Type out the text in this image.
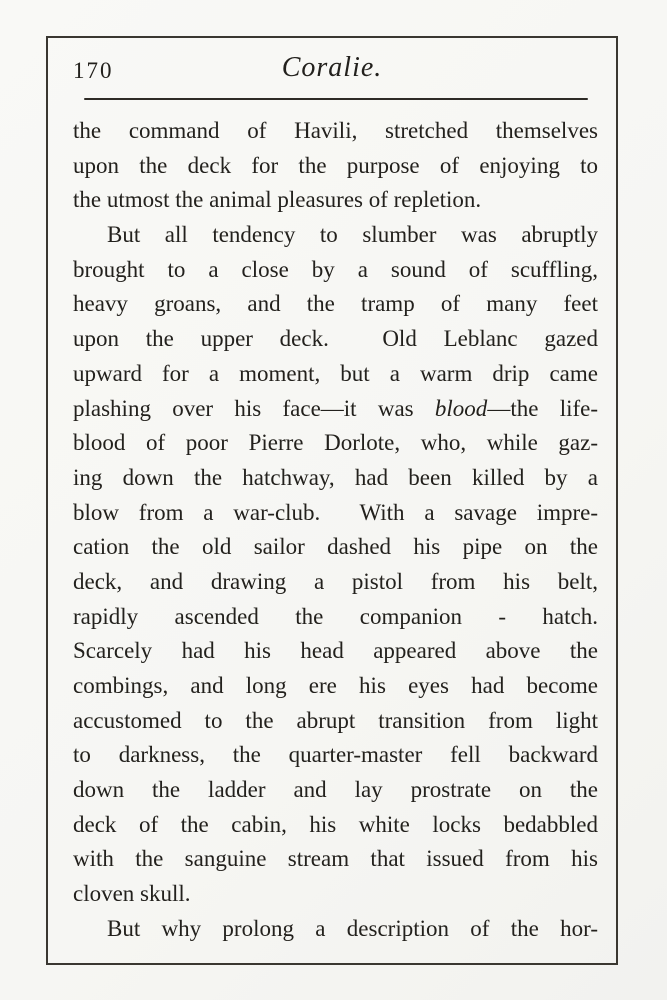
170	Coralie.
the command of Havili, stretched themselves
upon the deck for the purpose of enjoying to
the utmost the animal pleasures of repletion.
But all tendency to slumber was abruptly
brought to a close by a sound of scuffling,
heavy groans, and the tramp of many feet
upon the upper deck.  Old Leblanc gazed
upward for a moment, but a warm drip came
plashing over his face—it was blood—the life-
blood of poor Pierre Dorlote, who, while gaz-
ing down the hatchway, had been killed by a
blow from a war-club.  With a savage impre-
cation the old sailor dashed his pipe on the
deck, and drawing a pistol from his belt,
rapidly ascended the companion - hatch.
Scarcely had his head appeared above the
combings, and long ere his eyes had become
accustomed to the abrupt transition from light
to darkness, the quarter-master fell backward
down the ladder and lay prostrate on the
deck of the cabin, his white locks bedabbled
with the sanguine stream that issued from his
cloven skull.
But why prolong a description of the hor-
